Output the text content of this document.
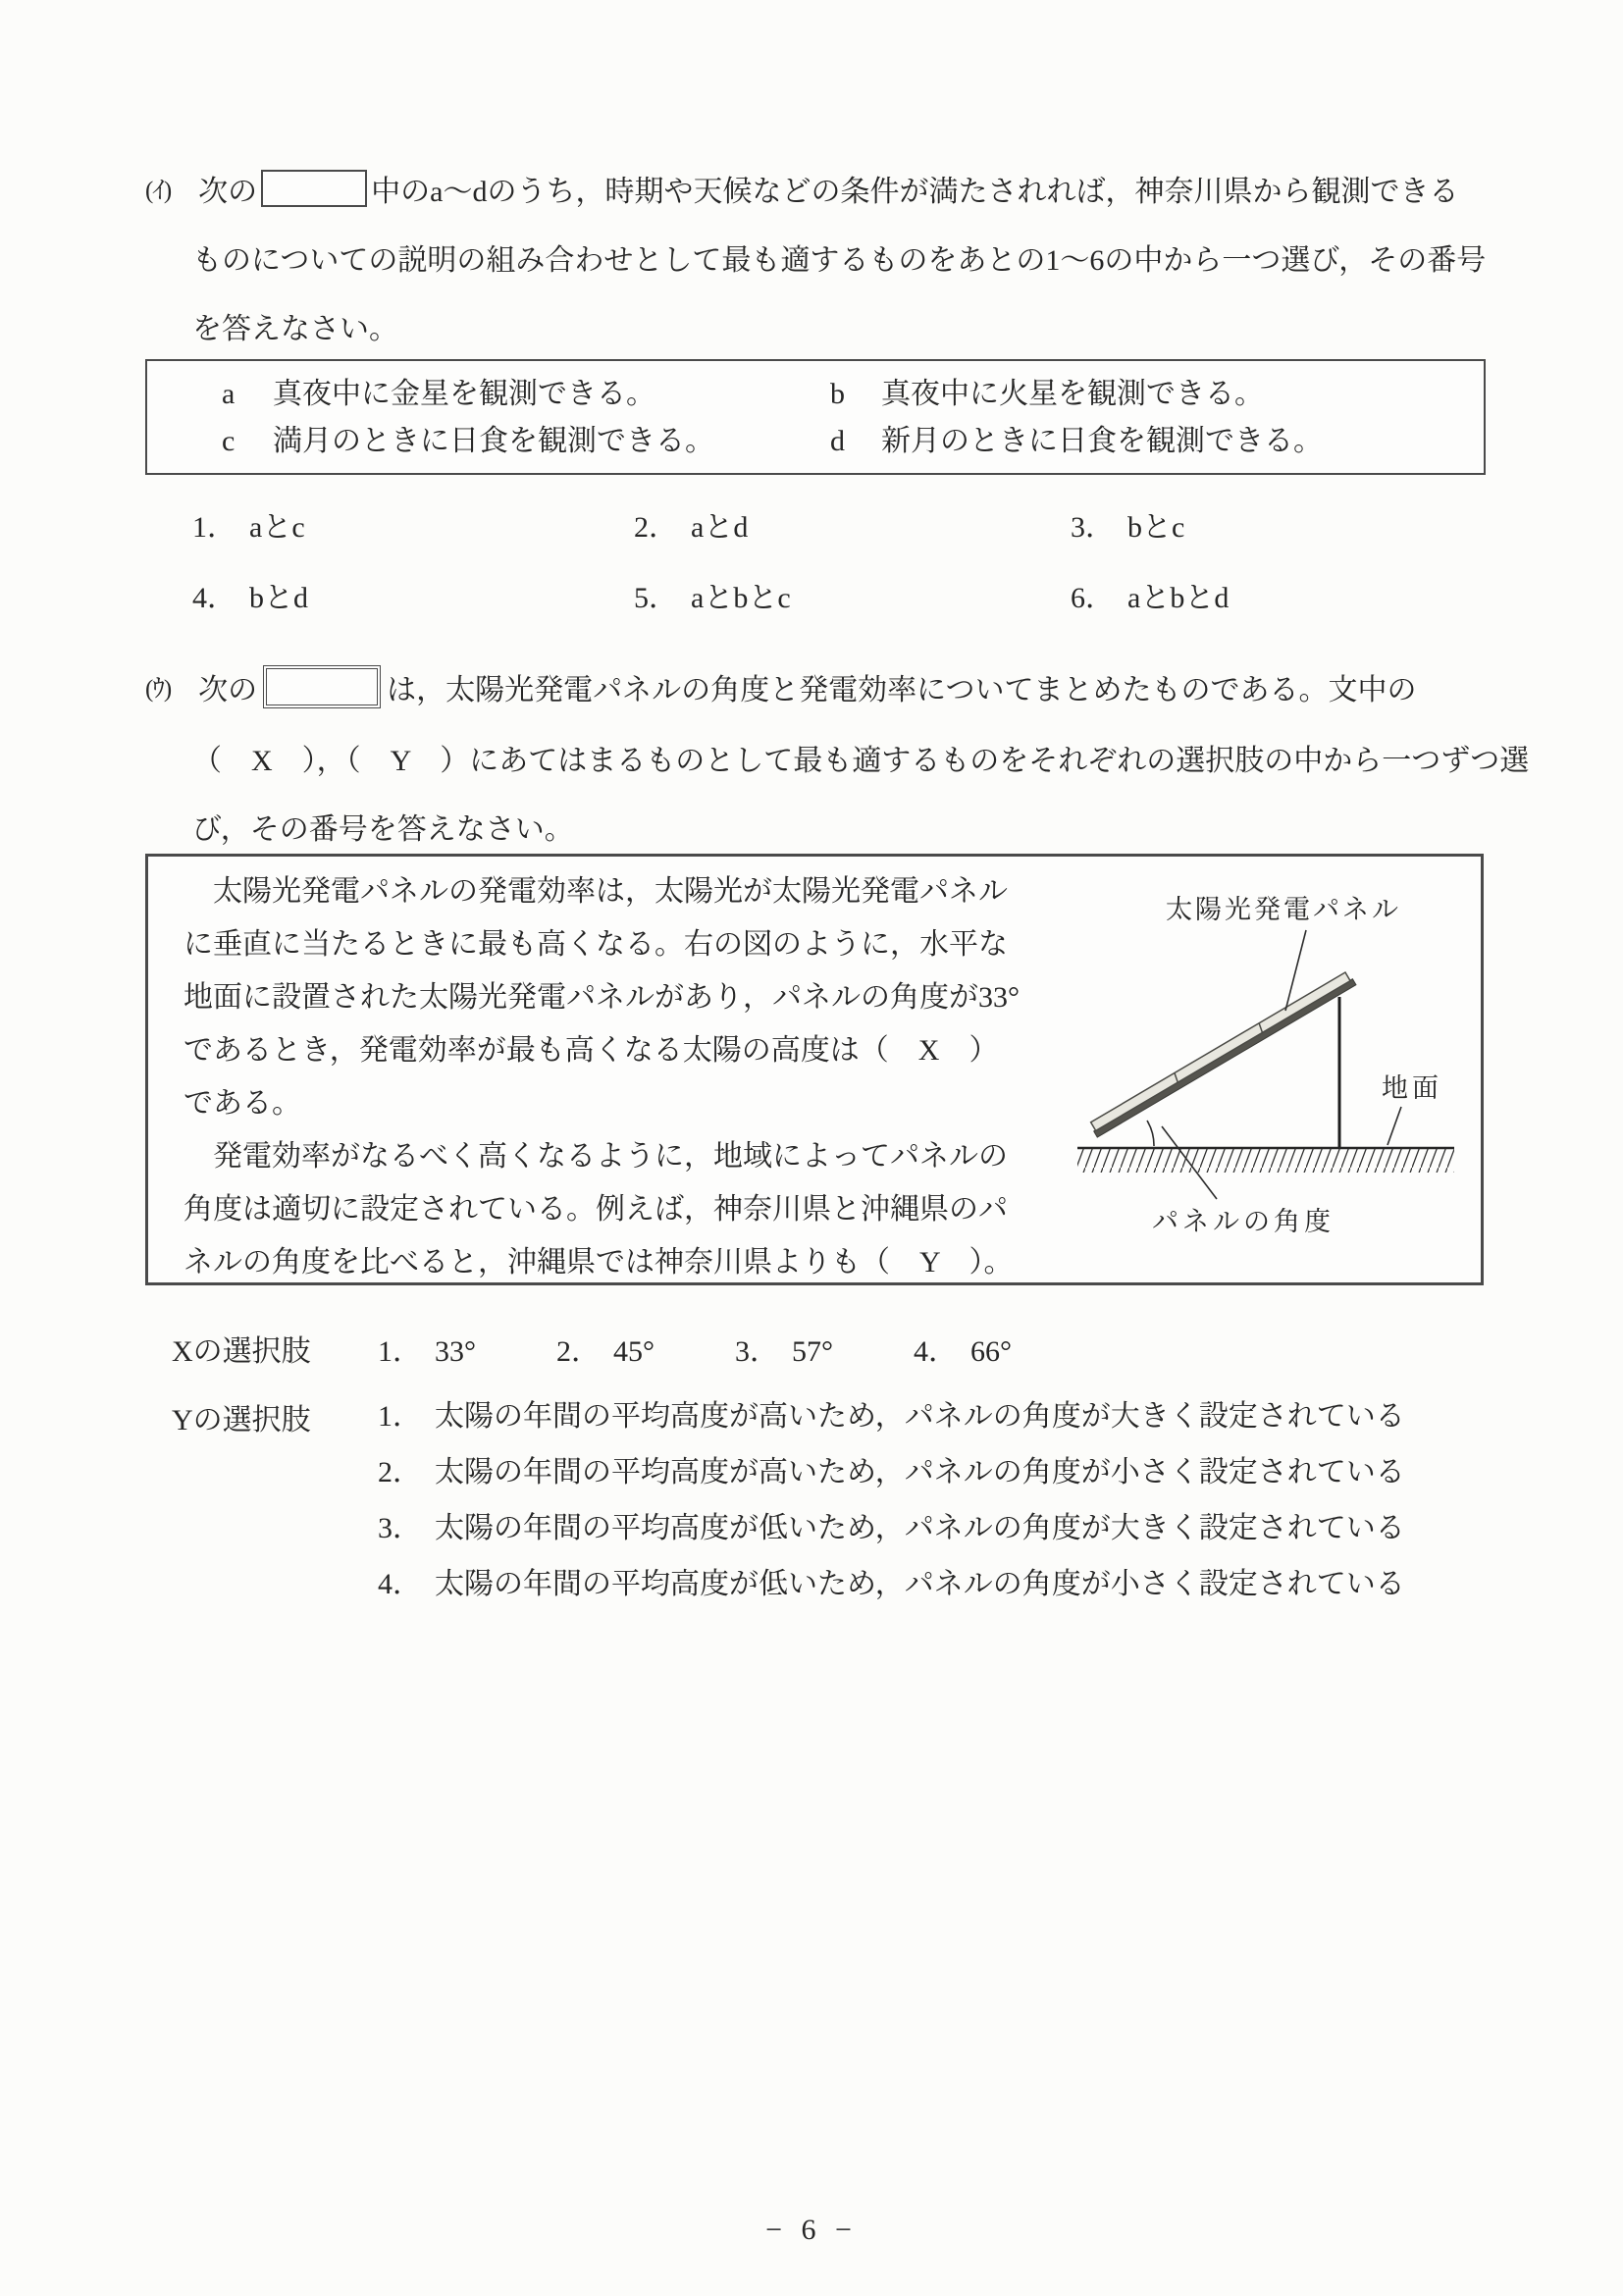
(ｲ) 次の	中のa～dのうち，時期や天候などの条件が満たされれば，神奈川県から観測できる
ものについての説明の組み合わせとして最も適するものをあとの1～6の中から一つ選び，その番号
を答えなさい。
a 真夜中に金星を観測できる。	b 真夜中に火星を観測できる。
c 満月のときに日食を観測できる。	d 新月のときに日食を観測できる。
1． aとc	2． aとd	3． bとc
4． bとd	5． aとbとc	6． aとbとd
(ｳ) 次の	は，太陽光発電パネルの角度と発電効率についてまとめたものである。文中の
（　X　），（　Y　）にあてはまるものとして最も適するものをそれぞれの選択肢の中から一つずつ選
び，その番号を答えなさい。
　太陽光発電パネルの発電効率は，太陽光が太陽光発電パネル
に垂直に当たるときに最も高くなる。右の図のように，水平な
地面に設置された太陽光発電パネルがあり，パネルの角度が33°
であるとき，発電効率が最も高くなる太陽の高度は（　X　）
である。
　発電効率がなるべく高くなるように，地域によってパネルの
角度は適切に設定されている。例えば，神奈川県と沖縄県のパ
ネルの角度を比べると，沖縄県では神奈川県よりも（　Y　）。
太陽光発電パネル
地面
パネルの角度
Xの選択肢	1． 33°	2． 45°	3． 57°	4． 66°
Yの選択肢 1． 太陽の年間の平均高度が高いため，パネルの角度が大きく設定されている
2． 太陽の年間の平均高度が高いため，パネルの角度が小さく設定されている
3． 太陽の年間の平均高度が低いため，パネルの角度が大きく設定されている
4． 太陽の年間の平均高度が低いため，パネルの角度が小さく設定されている
− 6 −
